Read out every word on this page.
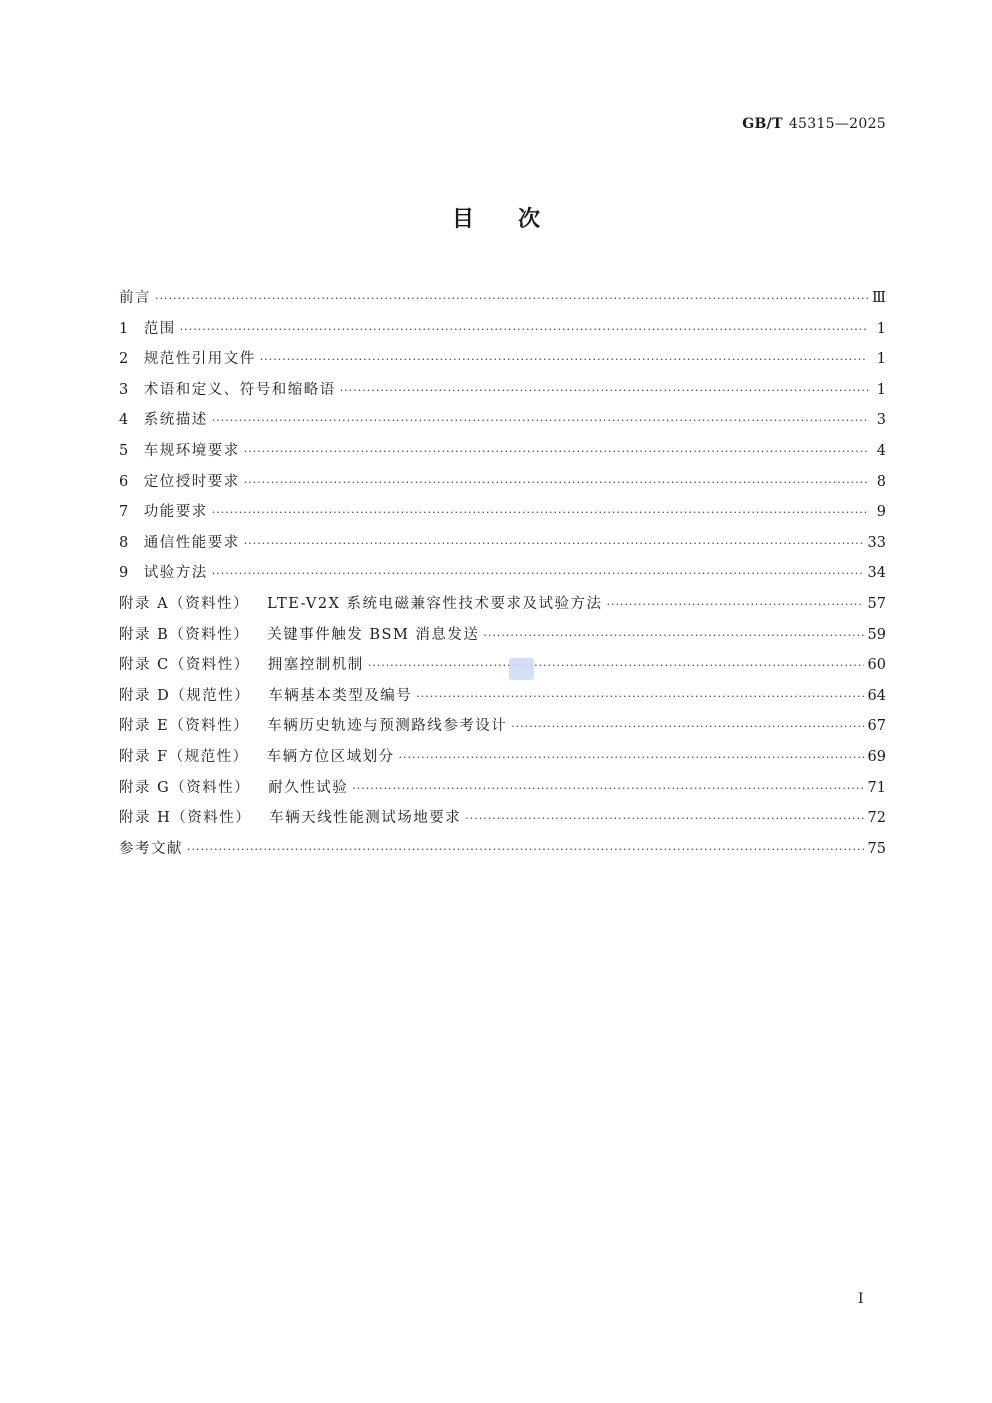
GB/T 45315—2025
目次
前言 ·····	Ⅲ
1 范围 ·····	1
2 规范性引用文件 ·····	1
3 术语和定义、符号和缩略语 ·····	1
4 系统描述 ·····	3
5 车规环境要求 ·····	4
6 定位授时要求 ·····	8
7 功能要求 ·····	9
8 通信性能要求 ·····	33
9 试验方法 ·····	34
附录 A（资料性） LTE-V2X 系统电磁兼容性技术要求及试验方法 ·····	57
附录 B（资料性） 关键事件触发 BSM 消息发送 ·····	59
附录 C（资料性） 拥塞控制机制 ·····	60
附录 D（规范性） 车辆基本类型及编号 ·····	64
附录 E（资料性） 车辆历史轨迹与预测路线参考设计 ·····	67
附录 F（规范性） 车辆方位区域划分 ·····	69
附录 G（资料性） 耐久性试验 ·····	71
附录 H（资料性） 车辆天线性能测试场地要求 ·····	72
参考文献 ·····	75
I
